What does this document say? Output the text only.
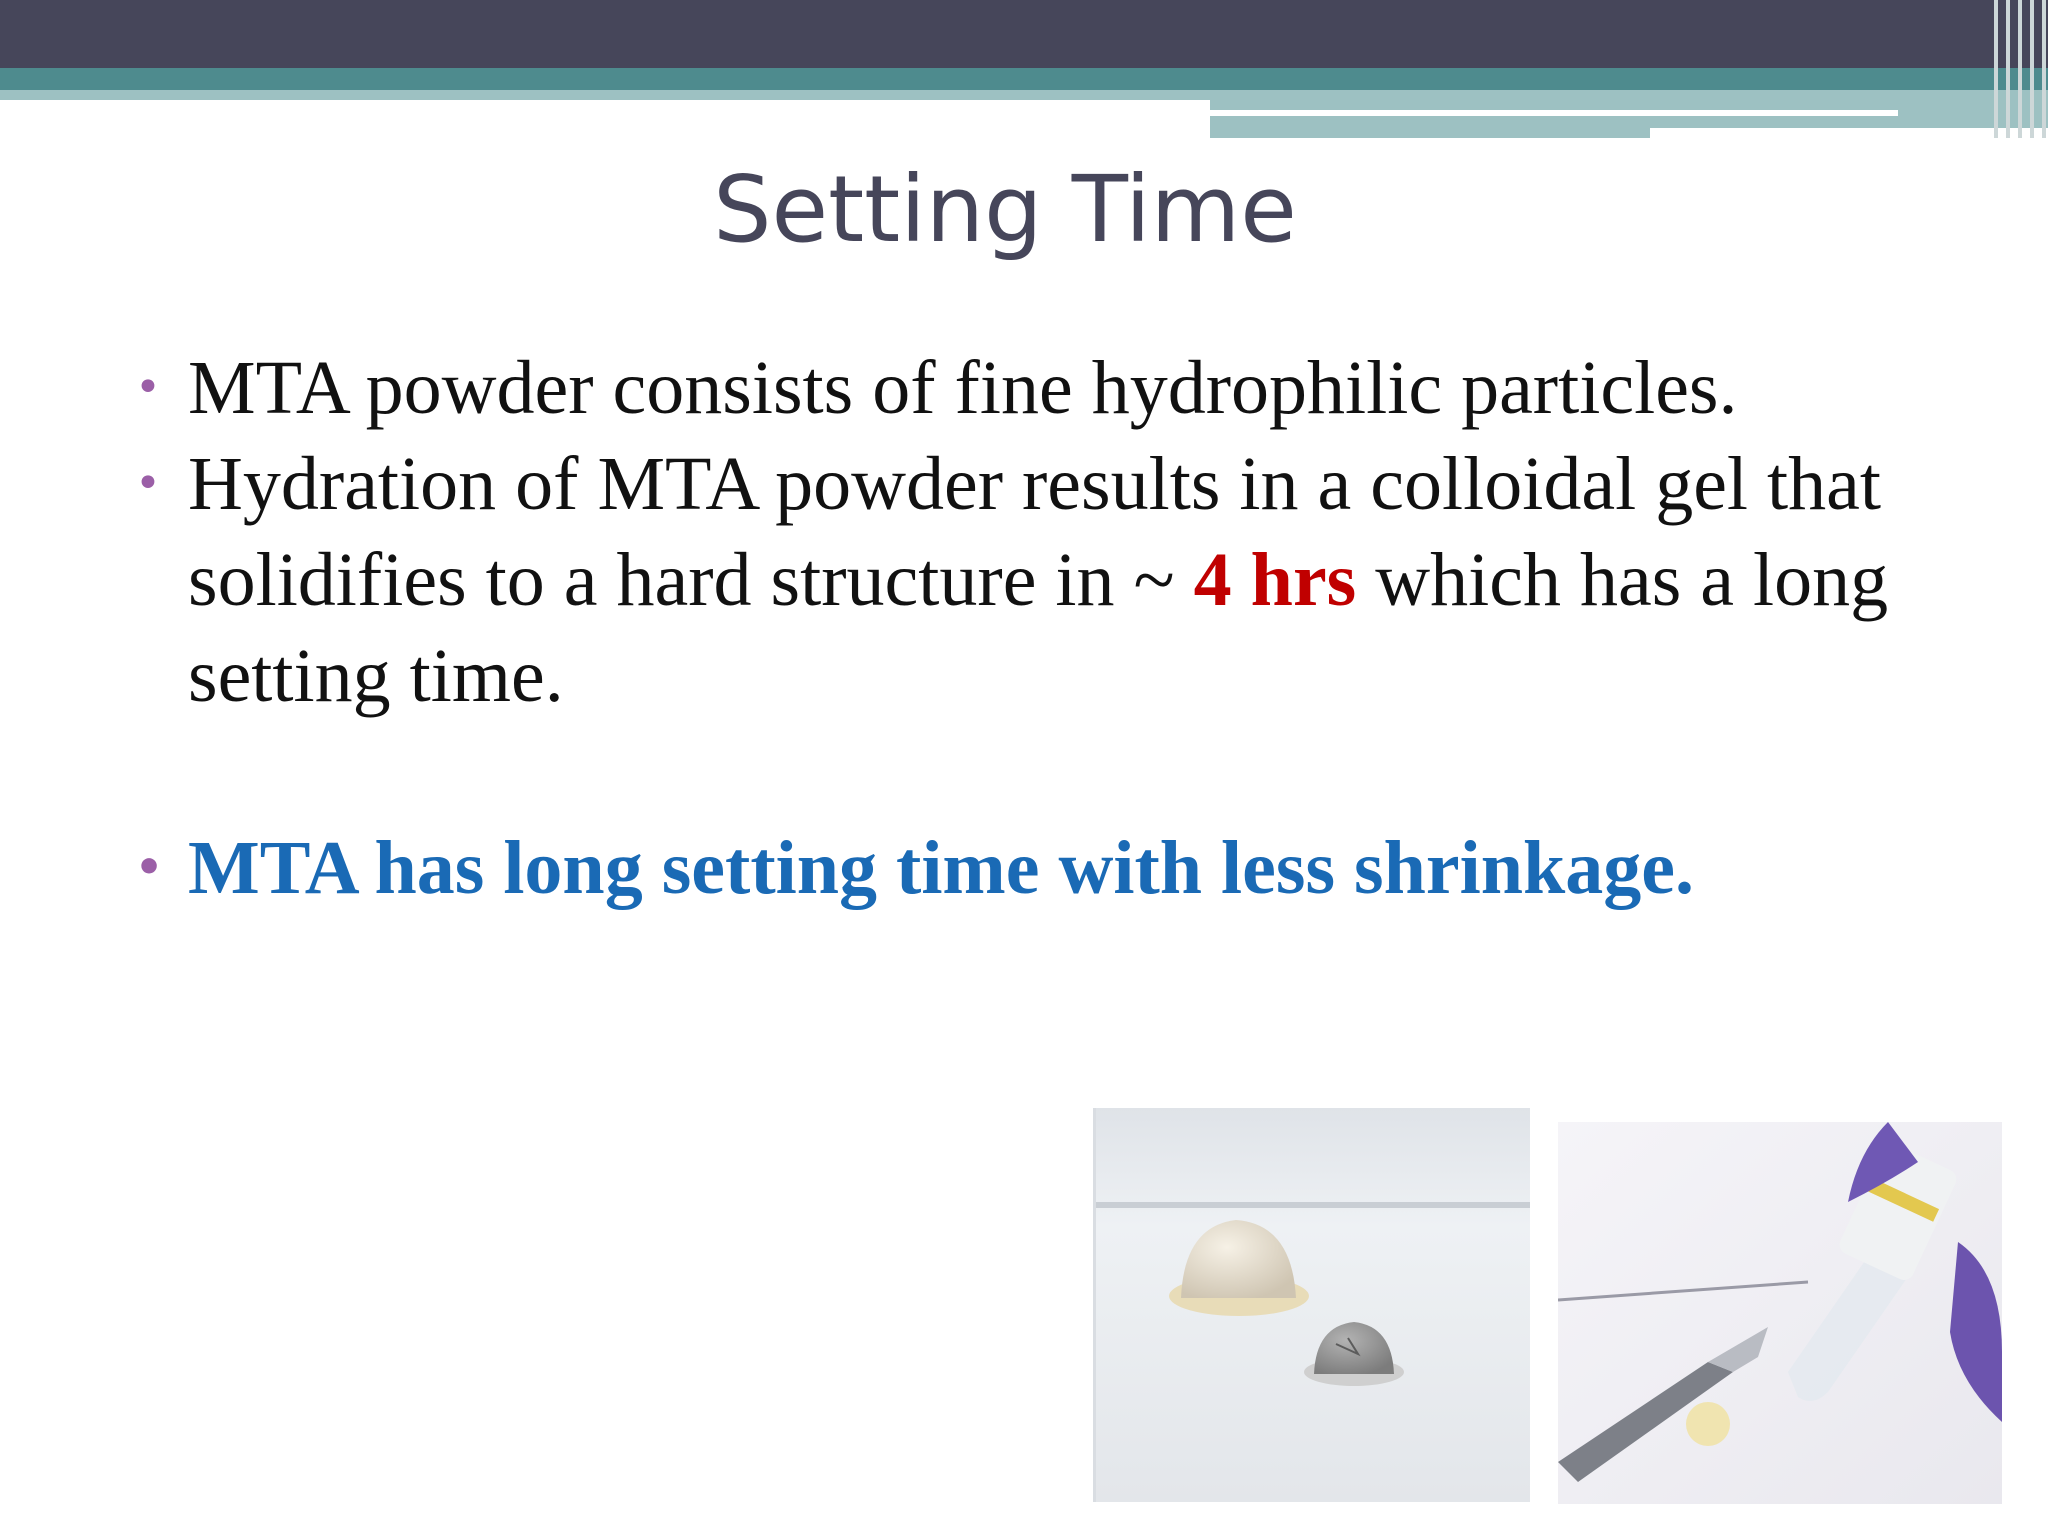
Setting Time
• MTA powder consists of fine hydrophilic particles.
• Hydration of MTA powder results in a colloidal gel that solidifies to a hard structure in ~ 4 hrs which has a long setting time.
• MTA has long setting time with less shrinkage.
